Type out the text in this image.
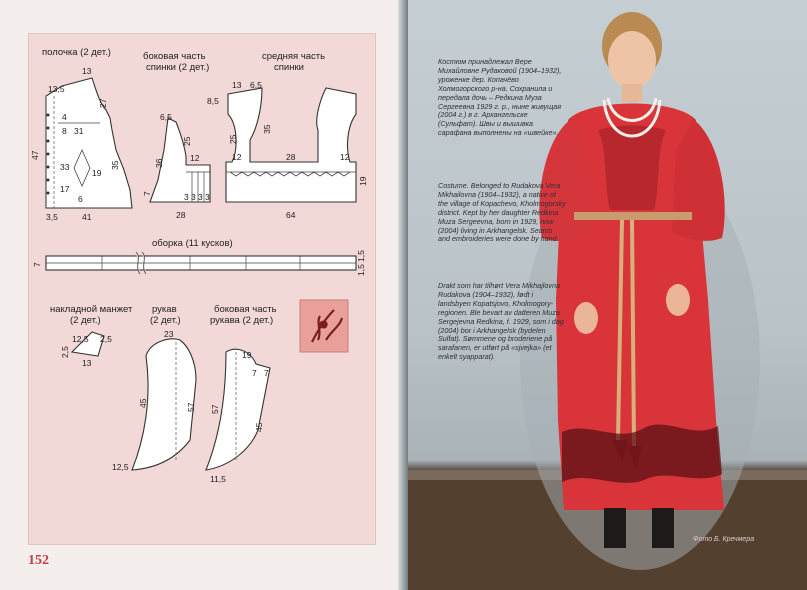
полочка (2 дет.)
13
13,5
27
4
8 31
47
33
19
17
6
35
3,5	41
боковая часть
спинки (2 дет.)
6,5
25
36
12
7	3 3 3 3
28
средняя часть
спинки
13 6,5
8,5
25
35
12	28	12
19
64
оборка (11 кусков)
7
1,5
1,5
накладной манжет
(2 дет.)
12,5 2,5
2,5
13
рукав
(2 дет.)
23
45	57
12,5
боковая часть
рукава (2 дет.)
19
7 7
57
45
11,5
152

Костюм принадлежал Вере Михайловне Рудаковой (1904–1932), уроженке дер. Копачёво Холмогорского р-на. Сохранила и передала дочь – Редкина Муза Сергеевна 1929 г. р., ныне живущая (2004 г.) в г. Архангельске (Сульфат). Швы и вышивка сарафана выполнены на «швейке».

Costume. Belonged to Rudakova Vera Mikhailovna (1904–1932), a native of the village of Kopachevo, Kholmogorsky district. Kept by her daughter Redkina Muza Sergeevna, born in 1929, now (2004) living in Arkhangelsk. Seams and embroideries were done by hand.

Drakt som har tilhørt Vera Mikhajlovna Rudakova (1904–1932), født i landsbyen Kopatsjovo, Kholmogory-regionen. Ble bevart av datteren Muza Sergejevna Redkina, f. 1929, som i dag (2004) bor i Arkhangelsk (bydelen Sulfat). Sømmene og broderiene på sarafanen, er utført på «sjvejka» (et enkelt syapparat).

Фото Б. Кречмера
